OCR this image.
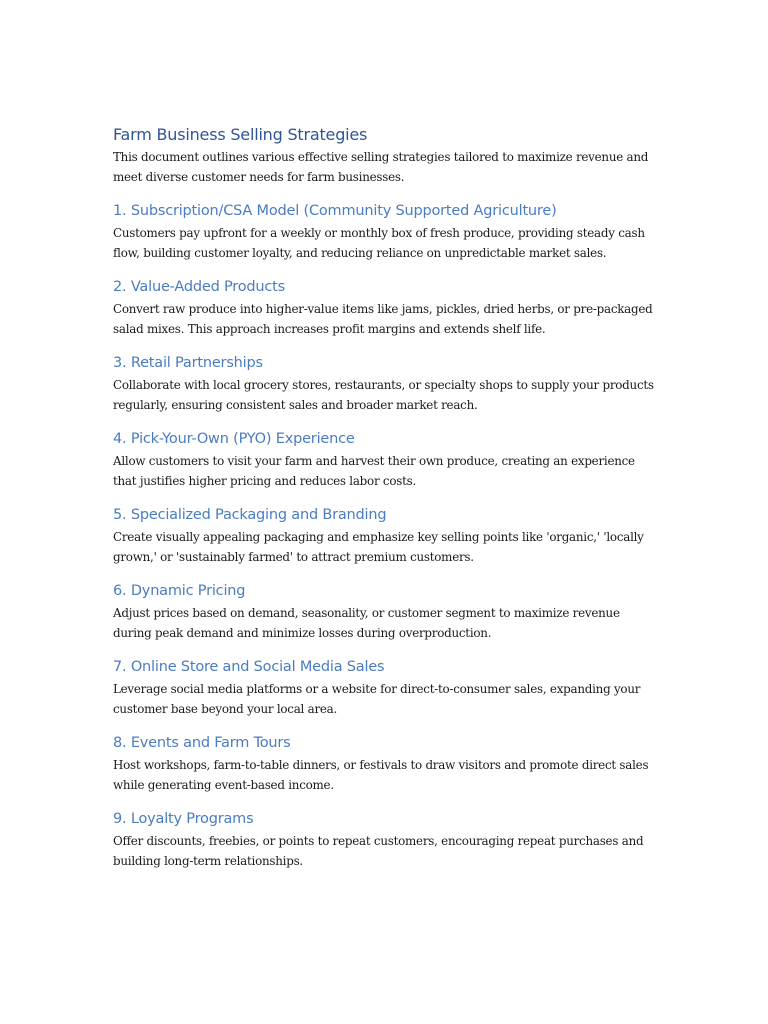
Farm Business Selling Strategies

This document outlines various effective selling strategies tailored to maximize revenue and meet diverse customer needs for farm businesses.

1. Subscription/CSA Model (Community Supported Agriculture)

Customers pay upfront for a weekly or monthly box of fresh produce, providing steady cash flow, building customer loyalty, and reducing reliance on unpredictable market sales.

2. Value-Added Products

Convert raw produce into higher-value items like jams, pickles, dried herbs, or pre-packaged salad mixes. This approach increases profit margins and extends shelf life.

3. Retail Partnerships

Collaborate with local grocery stores, restaurants, or specialty shops to supply your products regularly, ensuring consistent sales and broader market reach.

4. Pick-Your-Own (PYO) Experience

Allow customers to visit your farm and harvest their own produce, creating an experience that justifies higher pricing and reduces labor costs.

5. Specialized Packaging and Branding

Create visually appealing packaging and emphasize key selling points like 'organic,' 'locally grown,' or 'sustainably farmed' to attract premium customers.

6. Dynamic Pricing

Adjust prices based on demand, seasonality, or customer segment to maximize revenue during peak demand and minimize losses during overproduction.

7. Online Store and Social Media Sales

Leverage social media platforms or a website for direct-to-consumer sales, expanding your customer base beyond your local area.

8. Events and Farm Tours

Host workshops, farm-to-table dinners, or festivals to draw visitors and promote direct sales while generating event-based income.

9. Loyalty Programs

Offer discounts, freebies, or points to repeat customers, encouraging repeat purchases and building long-term relationships.
